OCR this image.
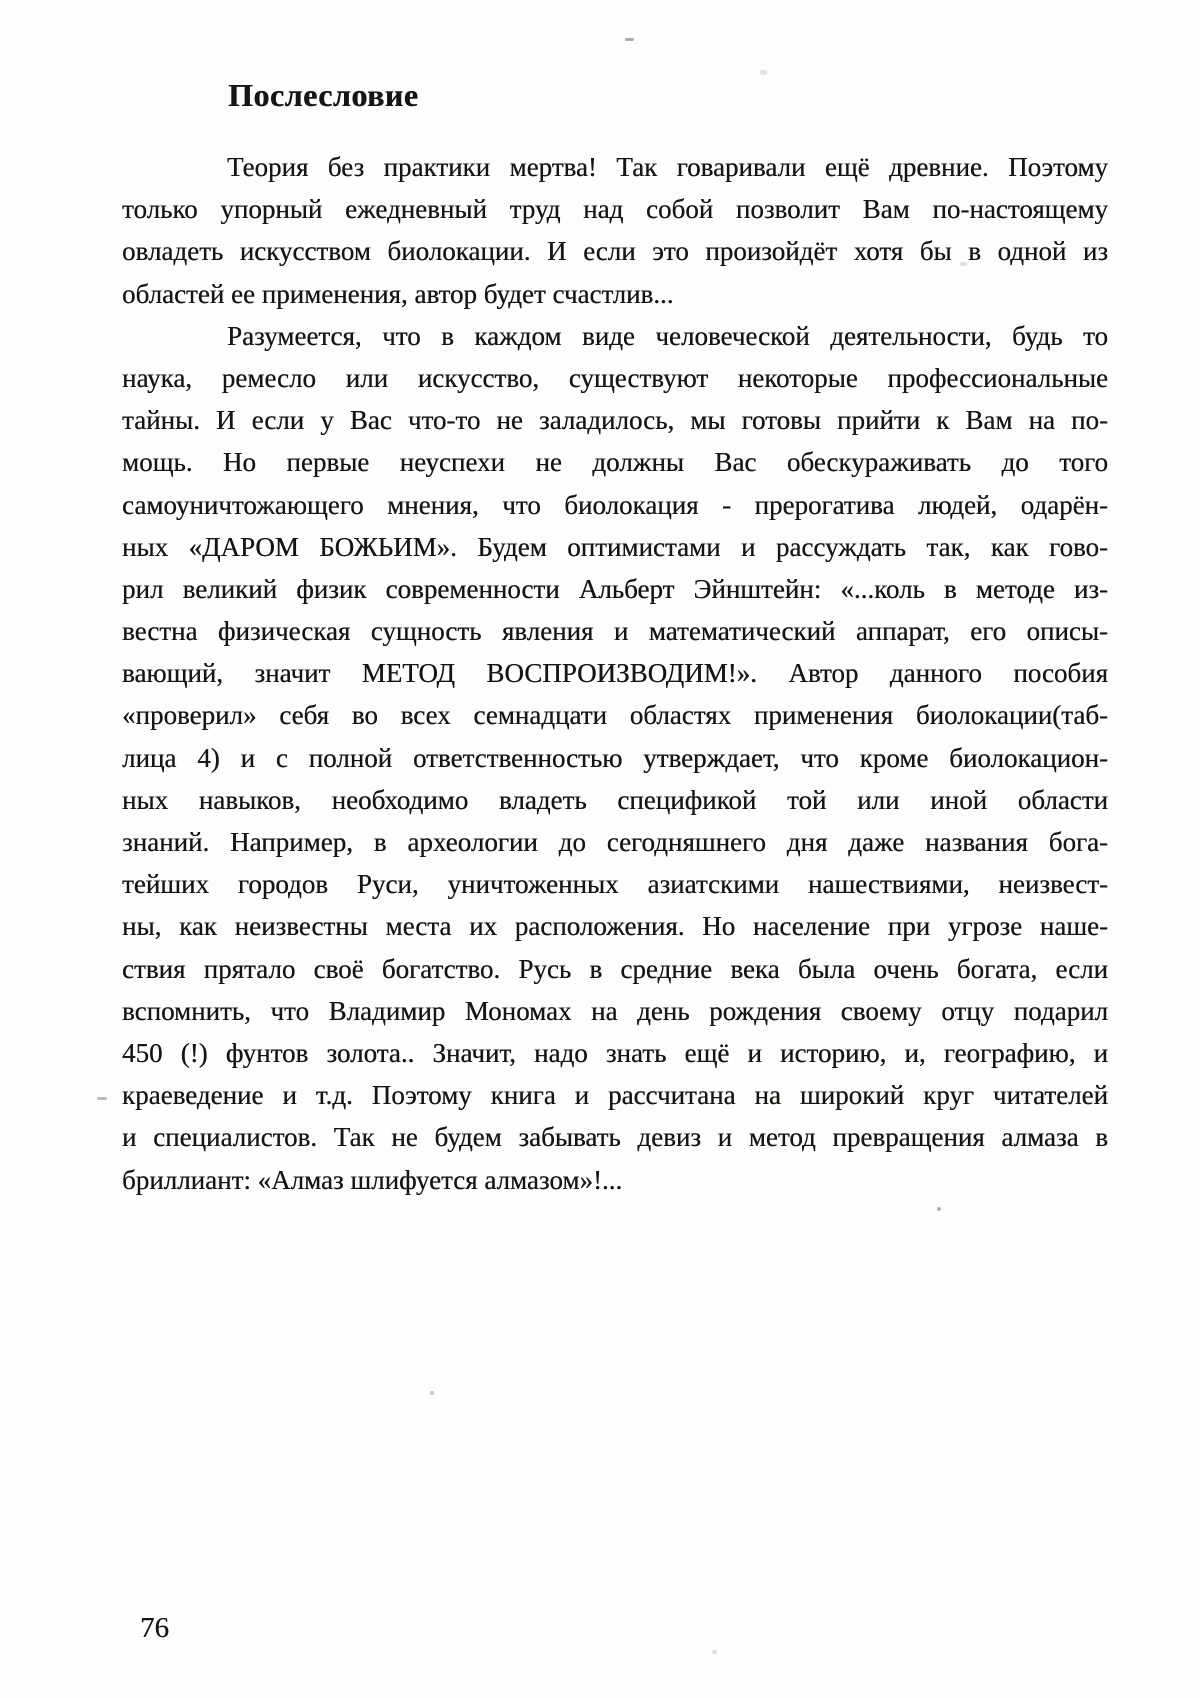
Послесловие
Теория без практики мертва! Так говаривали ещё древние. Поэтому
только упорный ежедневный труд над собой позволит Вам по-настоящему
овладеть искусством биолокации. И если это произойдёт хотя бы в одной из
областей ее применения, автор будет счастлив...
Разумеется, что в каждом виде человеческой деятельности, будь то
наука, ремесло или искусство, существуют некоторые профессиональные
тайны. И если у Вас что-то не заладилось, мы готовы прийти к Вам на по-
мощь. Но первые неуспехи не должны Вас обескураживать до того
самоуничтожающего мнения, что биолокация - прерогатива людей, одарён-
ных «ДАРОМ БОЖЬИМ». Будем оптимистами и рассуждать так, как гово-
рил великий физик современности Альберт Эйнштейн: «...коль в методе из-
вестна физическая сущность явления и математический аппарат, его описы-
вающий, значит МЕТОД ВОСПРОИЗВОДИМ!». Автор данного пособия
«проверил» себя во всех семнадцати областях применения биолокации(таб-
лица 4) и с полной ответственностью утверждает, что кроме биолокацион-
ных навыков, необходимо владеть спецификой той или иной области
знаний. Например, в археологии до сегодняшнего дня даже названия бога-
тейших городов Руси, уничтоженных азиатскими нашествиями, неизвест-
ны, как неизвестны места их расположения. Но население при угрозе наше-
ствия прятало своё богатство. Русь в средние века была очень богата, если
вспомнить, что Владимир Мономах на день рождения своему отцу подарил
450 (!) фунтов золота.. Значит, надо знать ещё и историю, и, географию, и
краеведение и т.д. Поэтому книга и рассчитана на широкий круг читателей
и специалистов. Так не будем забывать девиз и метод превращения алмаза в
бриллиант: «Алмаз шлифуется алмазом»!...
76
